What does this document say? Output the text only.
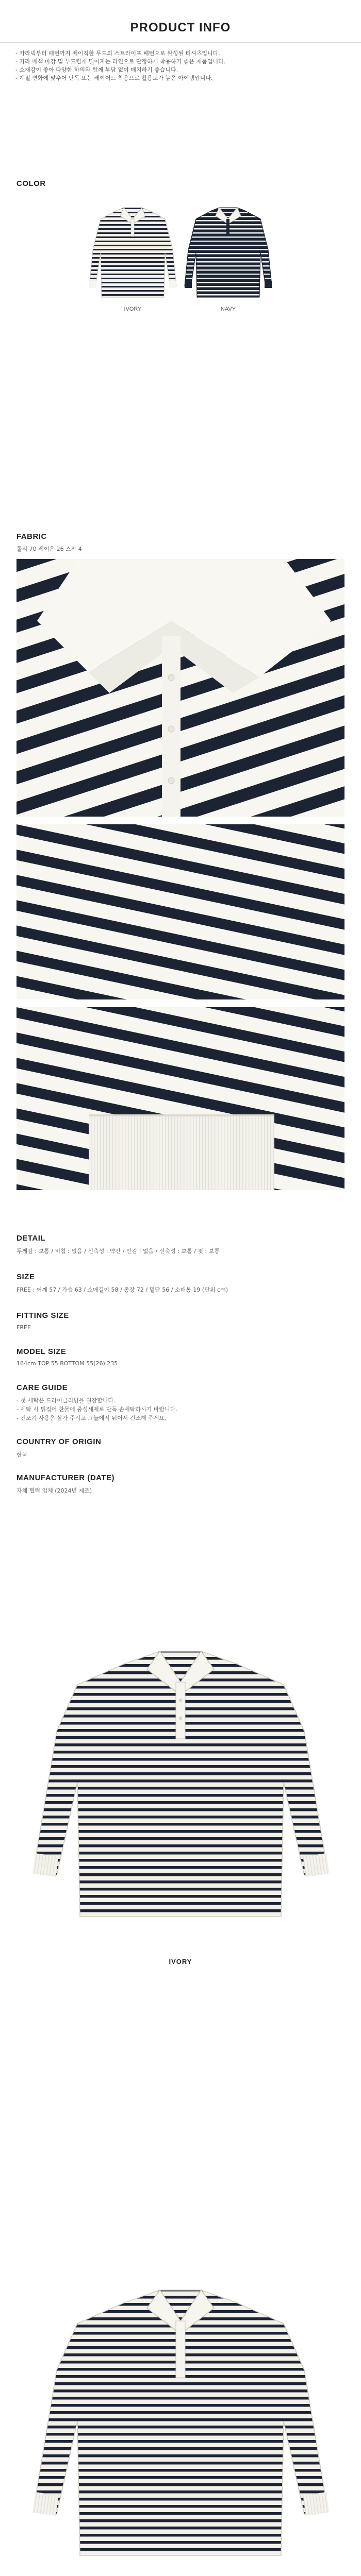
PRODUCT INFO
- 카라넥부터 패턴까지 베이직한 무드의 스트라이프 패턴으로 완성된 티셔츠입니다.
- 카라 배색 마감 및 부드럽게 떨어지는 라인으로 단정하게 착용하기 좋은 제품입니다.
- 소재감이 좋아 다양한 하의와 함께 부담 없이 매치하기 좋습니다.
- 계절 변화에 맞추어 단독 또는 레이어드 착용으로 활용도가 높은 아이템입니다.
COLOR
IVORY	NAVY
FABRIC
폴리 70 레이온 26 스판 4
DETAIL
두께감 : 보통 / 비침 : 없음 / 신축성 : 약간 / 안감 : 없음 / 신축성 : 보통 / 핏 : 보통
SIZE
FREE : 어깨 57 / 가슴 63 / 소매길이 58 / 총장 72 / 밑단 56 / 소매통 19 (단위 cm)
FITTING SIZE
FREE
MODEL SIZE
164cm TOP 55 BOTTOM 55(26) 235
CARE GUIDE
- 첫 세탁은 드라이클리닝을 권장합니다.
- 세탁 시 뒤집어 찬물에 중성세제로 단독 손세탁하시기 바랍니다.
- 건조기 사용은 삼가 주시고 그늘에서 뉘어서 건조해 주세요.
COUNTRY OF ORIGIN
한국
MANUFACTURER (DATE)
자체 협력 업체 (2024년 제조)
IVORY
